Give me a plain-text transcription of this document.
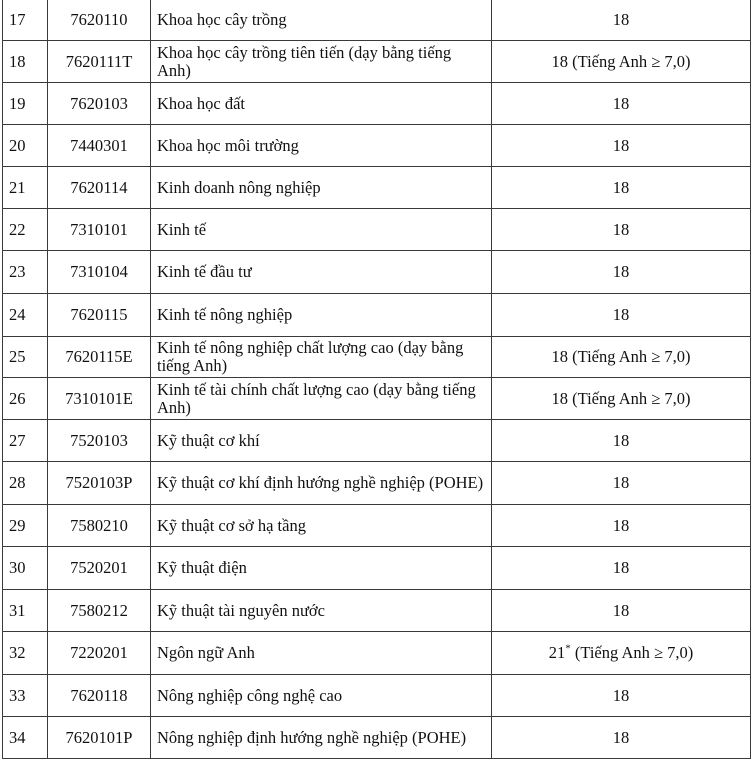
17	7620110	Khoa học cây trồng	18
18	7620111T	Khoa học cây trồng tiên tiến (dạy bằng tiếng Anh)	18 (Tiếng Anh ≥ 7,0)
19	7620103	Khoa học đất	18
20	7440301	Khoa học môi trường	18
21	7620114	Kinh doanh nông nghiệp	18
22	7310101	Kinh tế	18
23	7310104	Kinh tế đầu tư	18
24	7620115	Kinh tế nông nghiệp	18
25	7620115E	Kinh tế nông nghiệp chất lượng cao (dạy bằng tiếng Anh)	18 (Tiếng Anh ≥ 7,0)
26	7310101E	Kinh tế tài chính chất lượng cao (dạy bằng tiếng Anh)	18 (Tiếng Anh ≥ 7,0)
27	7520103	Kỹ thuật cơ khí	18
28	7520103P	Kỹ thuật cơ khí định hướng nghề nghiệp (POHE)	18
29	7580210	Kỹ thuật cơ sở hạ tầng	18
30	7520201	Kỹ thuật điện	18
31	7580212	Kỹ thuật tài nguyên nước	18
32	7220201	Ngôn ngữ Anh	21* (Tiếng Anh ≥ 7,0)
33	7620118	Nông nghiệp công nghệ cao	18
34	7620101P	Nông nghiệp định hướng nghề nghiệp (POHE)	18
